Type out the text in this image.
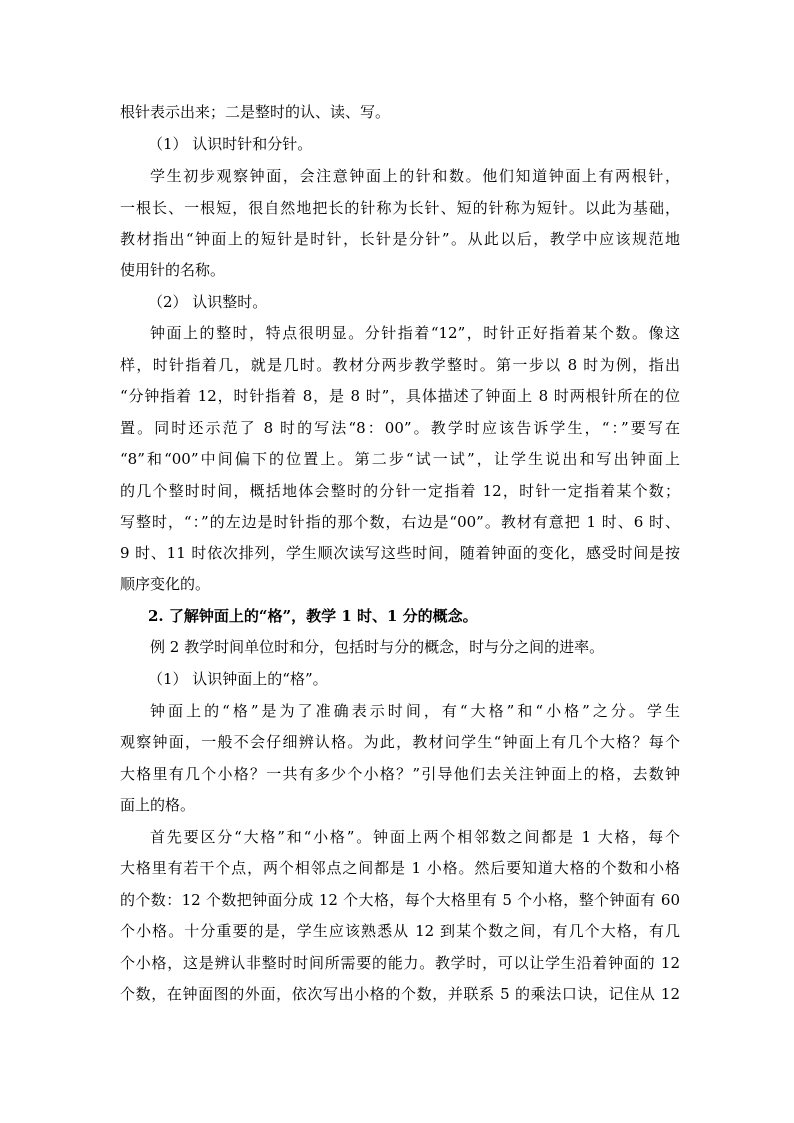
根针表示出来；二是整时的认、读、写。

（1） 认识时针和分针。

学生初步观察钟面，会注意钟面上的针和数。他们知道钟面上有两根针，

一根长、一根短，很自然地把长的针称为长针、短的针称为短针。以此为基础，

教材指出“钟面上的短针是时针，长针是分针”。从此以后，教学中应该规范地

使用针的名称。

（2） 认识整时。

钟面上的整时，特点很明显。分针指着“12”，时针正好指着某个数。像这

样，时针指着几，就是几时。教材分两步教学整时。第一步以 8 时为例，指出

“分钟指着 12，时针指着 8，是 8 时”，具体描述了钟面上 8 时两根针所在的位

置。同时还示范了 8 时的写法“8：00”。教学时应该告诉学生，“：”要写在

“8”和“00”中间偏下的位置上。第二步“试一试”，让学生说出和写出钟面上

的几个整时时间，概括地体会整时的分针一定指着 12，时针一定指着某个数；

写整时，“：”的左边是时针指的那个数，右边是“00”。教材有意把 1 时、6 时、

9 时、11 时依次排列，学生顺次读写这些时间，随着钟面的变化，感受时间是按

顺序变化的。

2. 了解钟面上的“格”，教学 1 时、1 分的概念。

例 2 教学时间单位时和分，包括时与分的概念，时与分之间的进率。

（1） 认识钟面上的“格”。

钟面上的“格”是为了准确表示时间，有“大格”和“小格”之分。学生

观察钟面，一般不会仔细辨认格。为此，教材问学生“钟面上有几个大格？每个

大格里有几个小格？一共有多少个小格？”引导他们去关注钟面上的格，去数钟

面上的格。

首先要区分“大格”和“小格”。钟面上两个相邻数之间都是 1 大格，每个

大格里有若干个点，两个相邻点之间都是 1 小格。然后要知道大格的个数和小格

的个数：12 个数把钟面分成 12 个大格，每个大格里有 5 个小格，整个钟面有 60

个小格。十分重要的是，学生应该熟悉从 12 到某个数之间，有几个大格，有几

个小格，这是辨认非整时时间所需要的能力。教学时，可以让学生沿着钟面的 12

个数，在钟面图的外面，依次写出小格的个数，并联系 5 的乘法口诀，记住从 12
